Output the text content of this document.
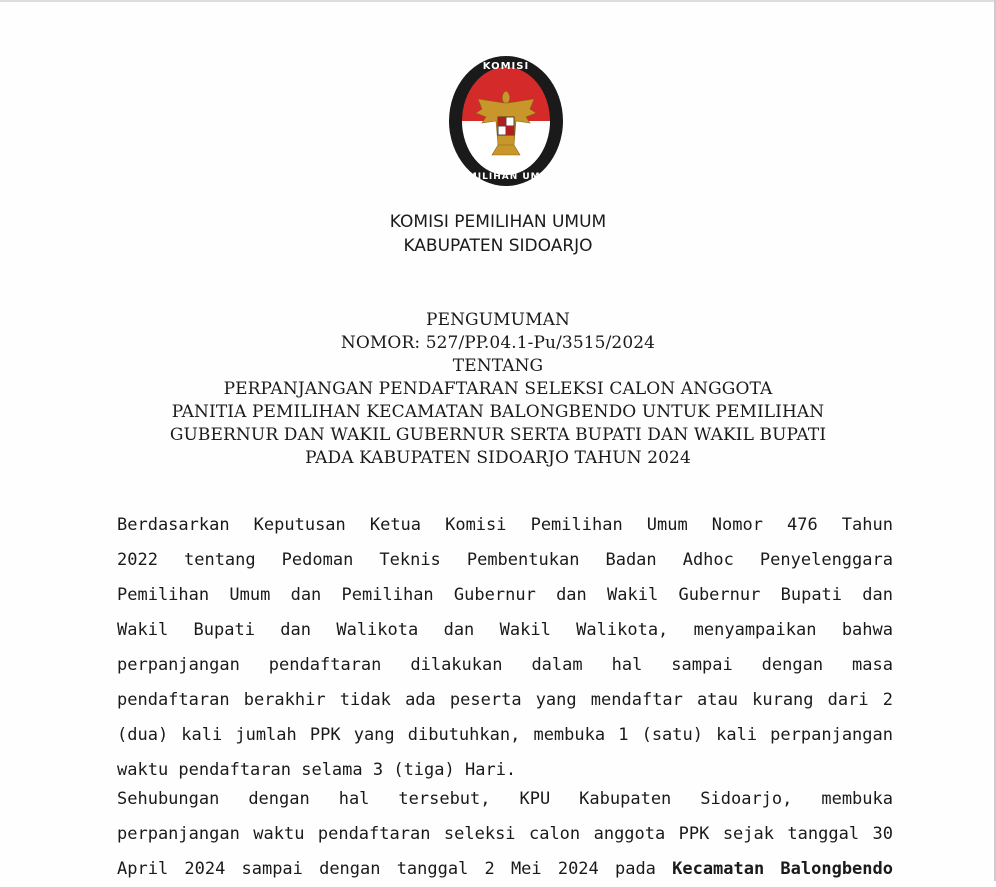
KOMISI
PEMILIHAN UMUM
KOMISI PEMILIHAN UMUM
KABUPATEN SIDOARJO
PENGUMUMAN
NOMOR: 527/PP.04.1-Pu/3515/2024
TENTANG
PERPANJANGAN PENDAFTARAN SELEKSI CALON ANGGOTA
PANITIA PEMILIHAN KECAMATAN BALONGBENDO UNTUK PEMILIHAN
GUBERNUR DAN WAKIL GUBERNUR SERTA BUPATI DAN WAKIL BUPATI
PADA KABUPATEN SIDOARJO TAHUN 2024
Berdasarkan Keputusan Ketua Komisi Pemilihan Umum Nomor 476 Tahun
2022 tentang Pedoman Teknis Pembentukan Badan Adhoc Penyelenggara
Pemilihan Umum dan Pemilihan Gubernur dan Wakil Gubernur Bupati dan
Wakil Bupati dan Walikota dan Wakil Walikota, menyampaikan bahwa
perpanjangan pendaftaran dilakukan dalam hal sampai dengan masa
pendaftaran berakhir tidak ada peserta yang mendaftar atau kurang dari 2
(dua) kali jumlah PPK yang dibutuhkan, membuka 1 (satu) kali perpanjangan
waktu pendaftaran selama 3 (tiga) Hari.
Sehubungan dengan hal tersebut, KPU Kabupaten Sidoarjo, membuka
perpanjangan waktu pendaftaran seleksi calon anggota PPK sejak tanggal 30
April 2024 sampai dengan tanggal 2 Mei 2024 pada Kecamatan Balongbendo
